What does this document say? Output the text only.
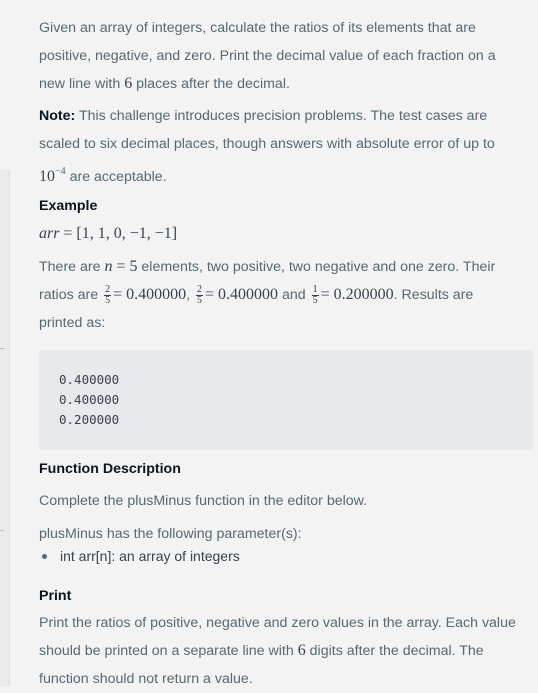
Given an array of integers, calculate the ratios of its elements that are

positive, negative, and zero. Print the decimal value of each fraction on a

new line with 6 places after the decimal.

Note: This challenge introduces precision problems. The test cases are

scaled to six decimal places, though answers with absolute error of up to

$10^{-4}$ are acceptable.

Example

arr = [1, 1, 0, −1, −1]

There are n = 5 elements, two positive, two negative and one zero. Their

ratios are $\frac{2}{5} = 0.400000$, $\frac{2}{5} = 0.400000$ and $\frac{1}{5} = 0.200000$. Results are

printed as:

0.400000
0.400000
0.200000
Function Description

Complete the plusMinus function in the editor below.

plusMinus has the following parameter(s):

int arr[n]: an array of integers
Print

Print the ratios of positive, negative and zero values in the array. Each value

should be printed on a separate line with 6 digits after the decimal. The

function should not return a value.
